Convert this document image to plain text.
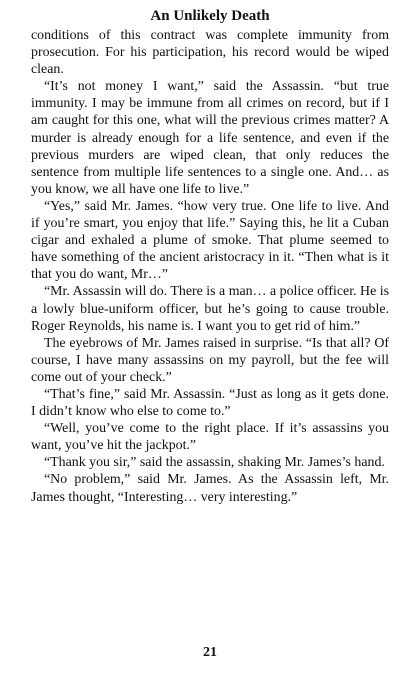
An Unlikely Death

conditions of this contract was complete immunity from prosecution. For his participation, his record would be wiped clean.

“It’s not money I want,” said the Assassin. “but true immunity. I may be immune from all crimes on record, but if I am caught for this one, what will the previous crimes matter? A murder is already enough for a life sentence, and even if the previous murders are wiped clean, that only reduces the sentence from multiple life sentences to a single one. And… as you know, we all have one life to live.”

“Yes,” said Mr. James. “how very true. One life to live. And if you’re smart, you enjoy that life.” Saying this, he lit a Cuban cigar and exhaled a plume of smoke. That plume seemed to have something of the ancient aristocracy in it. “Then what is it that you do want, Mr…”

“Mr. Assassin will do. There is a man… a police officer. He is a lowly blue-uniform officer, but he’s going to cause trouble. Roger Reynolds, his name is. I want you to get rid of him.”

The eyebrows of Mr. James raised in surprise. “Is that all? Of course, I have many assassins on my payroll, but the fee will come out of your check.”

“That’s fine,” said Mr. Assassin. “Just as long as it gets done. I didn’t know who else to come to.”

“Well, you’ve come to the right place. If it’s assassins you want, you’ve hit the jackpot.”

“Thank you sir,” said the assassin, shaking Mr. James’s hand.

“No problem,” said Mr. James. As the Assassin left, Mr. James thought, “Interesting… very interesting.”

21
